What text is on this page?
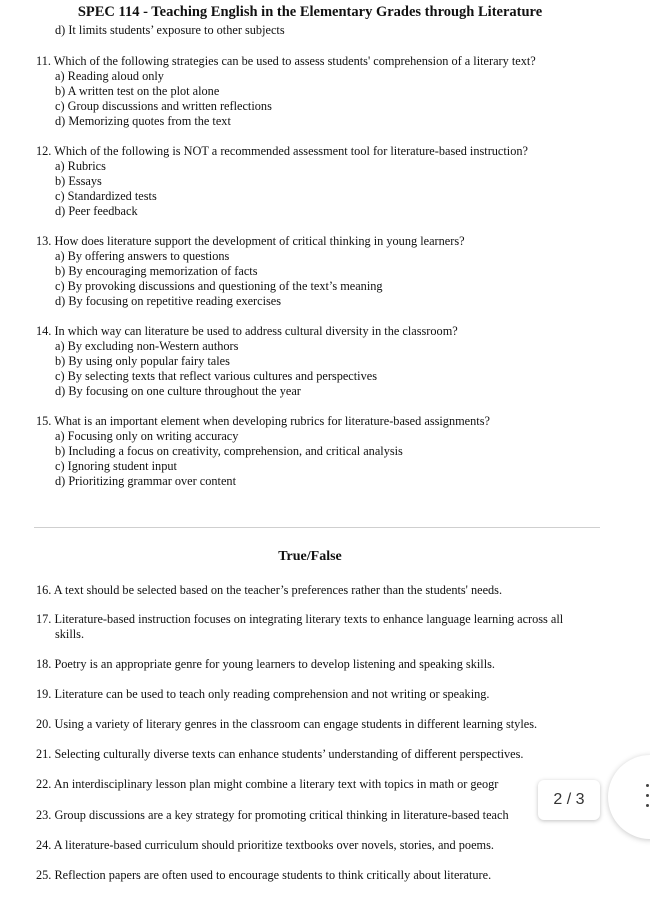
SPEC 114 - Teaching English in the Elementary Grades through Literature
d) It limits students’ exposure to other subjects
11. Which of the following strategies can be used to assess students' comprehension of a literary text?
a) Reading aloud only
b) A written test on the plot alone
c) Group discussions and written reflections
d) Memorizing quotes from the text
12. Which of the following is NOT a recommended assessment tool for literature-based instruction?
a) Rubrics
b) Essays
c) Standardized tests
d) Peer feedback
13. How does literature support the development of critical thinking in young learners?
a) By offering answers to questions
b) By encouraging memorization of facts
c) By provoking discussions and questioning of the text’s meaning
d) By focusing on repetitive reading exercises
14. In which way can literature be used to address cultural diversity in the classroom?
a) By excluding non-Western authors
b) By using only popular fairy tales
c) By selecting texts that reflect various cultures and perspectives
d) By focusing on one culture throughout the year
15. What is an important element when developing rubrics for literature-based assignments?
a) Focusing only on writing accuracy
b) Including a focus on creativity, comprehension, and critical analysis
c) Ignoring student input
d) Prioritizing grammar over content
True/False
16. A text should be selected based on the teacher’s preferences rather than the students' needs.
17. Literature-based instruction focuses on integrating literary texts to enhance language learning across all
skills.
18. Poetry is an appropriate genre for young learners to develop listening and speaking skills.
19. Literature can be used to teach only reading comprehension and not writing or speaking.
20. Using a variety of literary genres in the classroom can engage students in different learning styles.
21. Selecting culturally diverse texts can enhance students’ understanding of different perspectives.
22. An interdisciplinary lesson plan might combine a literary text with topics in math or geogr
23. Group discussions are a key strategy for promoting critical thinking in literature-based teach
24. A literature-based curriculum should prioritize textbooks over novels, stories, and poems.
25. Reflection papers are often used to encourage students to think critically about literature.
2 / 3
